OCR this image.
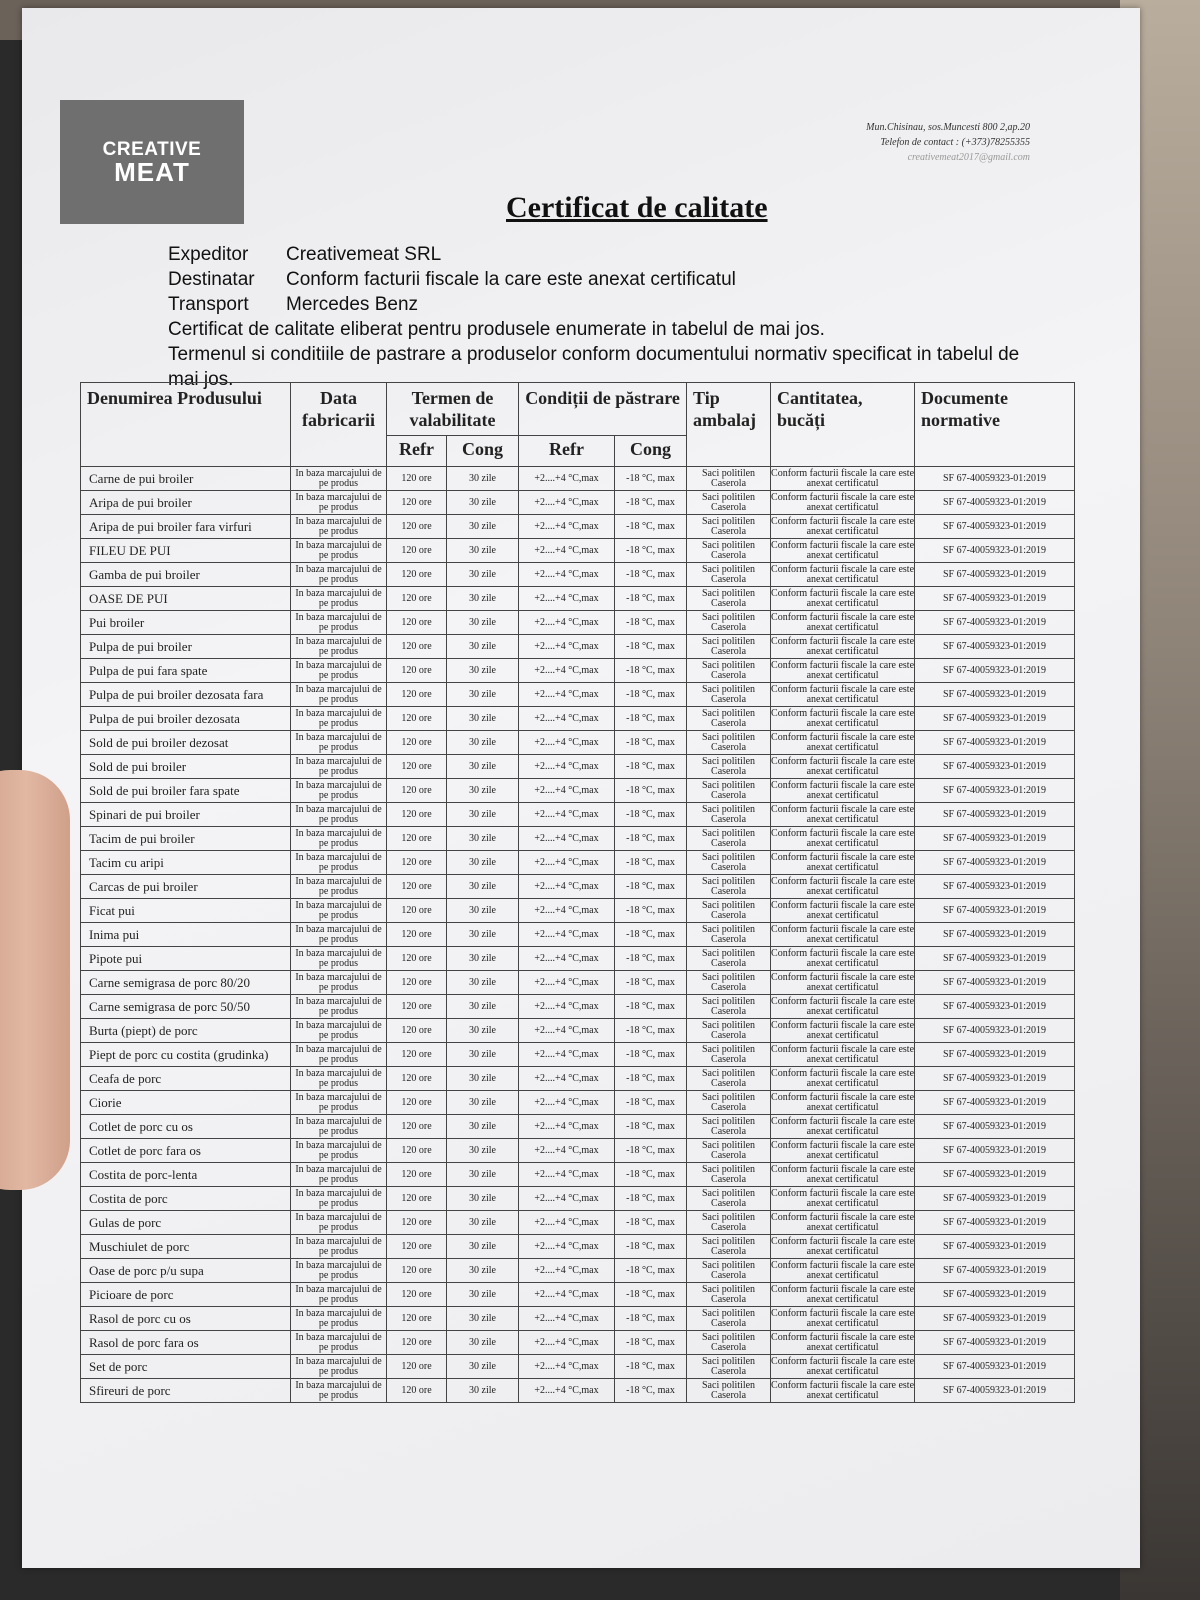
CREATIVE
MEAT
Mun.Chisinau, sos.Muncesti 800 2,ap.20
Telefon de contact : (+373)78255355
creativemeat2017@gmail.com
Certificat de calitate
Expeditor	Creativemeat SRL
Destinatar	Conform facturii fiscale la care este anexat certificatul
Transport	Mercedes Benz
Certificat de calitate eliberat pentru produsele enumerate in tabelul de mai jos.
Termenul si conditiile de pastrare a produselor conform documentului normativ specificat in tabelul de mai jos.
Denumirea Produsului	Data fabricarii	Termen de valabilitate		Condiții de păstrare		Tip ambalaj	Cantitatea, bucăți	Documente normative
		Refr	Cong	Refr	Cong			
Carne de pui broiler	In baza marcajului de pe produs	120 ore	30 zile	+2....+4 °C,max	-18 °C, max	Saci politilen Caserola	Conform facturii fiscale la care este anexat certificatul	SF 67-40059323-01:2019
Aripa de pui broiler	In baza marcajului de pe produs	120 ore	30 zile	+2....+4 °C,max	-18 °C, max	Saci politilen Caserola	Conform facturii fiscale la care este anexat certificatul	SF 67-40059323-01:2019
Aripa de pui broiler fara virfuri	In baza marcajului de pe produs	120 ore	30 zile	+2....+4 °C,max	-18 °C, max	Saci politilen Caserola	Conform facturii fiscale la care este anexat certificatul	SF 67-40059323-01:2019
FILEU DE PUI	In baza marcajului de pe produs	120 ore	30 zile	+2....+4 °C,max	-18 °C, max	Saci politilen Caserola	Conform facturii fiscale la care este anexat certificatul	SF 67-40059323-01:2019
Gamba de pui broiler	In baza marcajului de pe produs	120 ore	30 zile	+2....+4 °C,max	-18 °C, max	Saci politilen Caserola	Conform facturii fiscale la care este anexat certificatul	SF 67-40059323-01:2019
OASE DE PUI	In baza marcajului de pe produs	120 ore	30 zile	+2....+4 °C,max	-18 °C, max	Saci politilen Caserola	Conform facturii fiscale la care este anexat certificatul	SF 67-40059323-01:2019
Pui broiler	In baza marcajului de pe produs	120 ore	30 zile	+2....+4 °C,max	-18 °C, max	Saci politilen Caserola	Conform facturii fiscale la care este anexat certificatul	SF 67-40059323-01:2019
Pulpa de pui broiler	In baza marcajului de pe produs	120 ore	30 zile	+2....+4 °C,max	-18 °C, max	Saci politilen Caserola	Conform facturii fiscale la care este anexat certificatul	SF 67-40059323-01:2019
Pulpa de pui fara spate	In baza marcajului de pe produs	120 ore	30 zile	+2....+4 °C,max	-18 °C, max	Saci politilen Caserola	Conform facturii fiscale la care este anexat certificatul	SF 67-40059323-01:2019
Pulpa de pui broiler dezosata fara	In baza marcajului de pe produs	120 ore	30 zile	+2....+4 °C,max	-18 °C, max	Saci politilen Caserola	Conform facturii fiscale la care este anexat certificatul	SF 67-40059323-01:2019
Pulpa de pui broiler dezosata	In baza marcajului de pe produs	120 ore	30 zile	+2....+4 °C,max	-18 °C, max	Saci politilen Caserola	Conform facturii fiscale la care este anexat certificatul	SF 67-40059323-01:2019
Sold de pui broiler dezosat	In baza marcajului de pe produs	120 ore	30 zile	+2....+4 °C,max	-18 °C, max	Saci politilen Caserola	Conform facturii fiscale la care este anexat certificatul	SF 67-40059323-01:2019
Sold de pui broiler	In baza marcajului de pe produs	120 ore	30 zile	+2....+4 °C,max	-18 °C, max	Saci politilen Caserola	Conform facturii fiscale la care este anexat certificatul	SF 67-40059323-01:2019
Sold de pui broiler fara spate	In baza marcajului de pe produs	120 ore	30 zile	+2....+4 °C,max	-18 °C, max	Saci politilen Caserola	Conform facturii fiscale la care este anexat certificatul	SF 67-40059323-01:2019
Spinari de pui broiler	In baza marcajului de pe produs	120 ore	30 zile	+2....+4 °C,max	-18 °C, max	Saci politilen Caserola	Conform facturii fiscale la care este anexat certificatul	SF 67-40059323-01:2019
Tacim de pui broiler	In baza marcajului de pe produs	120 ore	30 zile	+2....+4 °C,max	-18 °C, max	Saci politilen Caserola	Conform facturii fiscale la care este anexat certificatul	SF 67-40059323-01:2019
Tacim cu aripi	In baza marcajului de pe produs	120 ore	30 zile	+2....+4 °C,max	-18 °C, max	Saci politilen Caserola	Conform facturii fiscale la care este anexat certificatul	SF 67-40059323-01:2019
Carcas de pui broiler	In baza marcajului de pe produs	120 ore	30 zile	+2....+4 °C,max	-18 °C, max	Saci politilen Caserola	Conform facturii fiscale la care este anexat certificatul	SF 67-40059323-01:2019
Ficat pui	In baza marcajului de pe produs	120 ore	30 zile	+2....+4 °C,max	-18 °C, max	Saci politilen Caserola	Conform facturii fiscale la care este anexat certificatul	SF 67-40059323-01:2019
Inima pui	In baza marcajului de pe produs	120 ore	30 zile	+2....+4 °C,max	-18 °C, max	Saci politilen Caserola	Conform facturii fiscale la care este anexat certificatul	SF 67-40059323-01:2019
Pipote pui	In baza marcajului de pe produs	120 ore	30 zile	+2....+4 °C,max	-18 °C, max	Saci politilen Caserola	Conform facturii fiscale la care este anexat certificatul	SF 67-40059323-01:2019
Carne semigrasa de porc 80/20	In baza marcajului de pe produs	120 ore	30 zile	+2....+4 °C,max	-18 °C, max	Saci politilen Caserola	Conform facturii fiscale la care este anexat certificatul	SF 67-40059323-01:2019
Carne semigrasa de porc 50/50	In baza marcajului de pe produs	120 ore	30 zile	+2....+4 °C,max	-18 °C, max	Saci politilen Caserola	Conform facturii fiscale la care este anexat certificatul	SF 67-40059323-01:2019
Burta (piept) de porc	In baza marcajului de pe produs	120 ore	30 zile	+2....+4 °C,max	-18 °C, max	Saci politilen Caserola	Conform facturii fiscale la care este anexat certificatul	SF 67-40059323-01:2019
Piept de porc cu costita (grudinka)	In baza marcajului de pe produs	120 ore	30 zile	+2....+4 °C,max	-18 °C, max	Saci politilen Caserola	Conform facturii fiscale la care este anexat certificatul	SF 67-40059323-01:2019
Ceafa de porc	In baza marcajului de pe produs	120 ore	30 zile	+2....+4 °C,max	-18 °C, max	Saci politilen Caserola	Conform facturii fiscale la care este anexat certificatul	SF 67-40059323-01:2019
Ciorie	In baza marcajului de pe produs	120 ore	30 zile	+2....+4 °C,max	-18 °C, max	Saci politilen Caserola	Conform facturii fiscale la care este anexat certificatul	SF 67-40059323-01:2019
Cotlet de porc cu os	In baza marcajului de pe produs	120 ore	30 zile	+2....+4 °C,max	-18 °C, max	Saci politilen Caserola	Conform facturii fiscale la care este anexat certificatul	SF 67-40059323-01:2019
Cotlet de porc fara os	In baza marcajului de pe produs	120 ore	30 zile	+2....+4 °C,max	-18 °C, max	Saci politilen Caserola	Conform facturii fiscale la care este anexat certificatul	SF 67-40059323-01:2019
Costita de porc-lenta	In baza marcajului de pe produs	120 ore	30 zile	+2....+4 °C,max	-18 °C, max	Saci politilen Caserola	Conform facturii fiscale la care este anexat certificatul	SF 67-40059323-01:2019
Costita de porc	In baza marcajului de pe produs	120 ore	30 zile	+2....+4 °C,max	-18 °C, max	Saci politilen Caserola	Conform facturii fiscale la care este anexat certificatul	SF 67-40059323-01:2019
Gulas de porc	In baza marcajului de pe produs	120 ore	30 zile	+2....+4 °C,max	-18 °C, max	Saci politilen Caserola	Conform facturii fiscale la care este anexat certificatul	SF 67-40059323-01:2019
Muschiulet de porc	In baza marcajului de pe produs	120 ore	30 zile	+2....+4 °C,max	-18 °C, max	Saci politilen Caserola	Conform facturii fiscale la care este anexat certificatul	SF 67-40059323-01:2019
Oase de porc p/u supa	In baza marcajului de pe produs	120 ore	30 zile	+2....+4 °C,max	-18 °C, max	Saci politilen Caserola	Conform facturii fiscale la care este anexat certificatul	SF 67-40059323-01:2019
Picioare de porc	In baza marcajului de pe produs	120 ore	30 zile	+2....+4 °C,max	-18 °C, max	Saci politilen Caserola	Conform facturii fiscale la care este anexat certificatul	SF 67-40059323-01:2019
Rasol de porc cu os	In baza marcajului de pe produs	120 ore	30 zile	+2....+4 °C,max	-18 °C, max	Saci politilen Caserola	Conform facturii fiscale la care este anexat certificatul	SF 67-40059323-01:2019
Rasol de porc fara os	In baza marcajului de pe produs	120 ore	30 zile	+2....+4 °C,max	-18 °C, max	Saci politilen Caserola	Conform facturii fiscale la care este anexat certificatul	SF 67-40059323-01:2019
Set de porc	In baza marcajului de pe produs	120 ore	30 zile	+2....+4 °C,max	-18 °C, max	Saci politilen Caserola	Conform facturii fiscale la care este anexat certificatul	SF 67-40059323-01:2019
Sfireuri de porc	In baza marcajului de pe produs	120 ore	30 zile	+2....+4 °C,max	-18 °C, max	Saci politilen Caserola	Conform facturii fiscale la care este anexat certificatul	SF 67-40059323-01:2019
